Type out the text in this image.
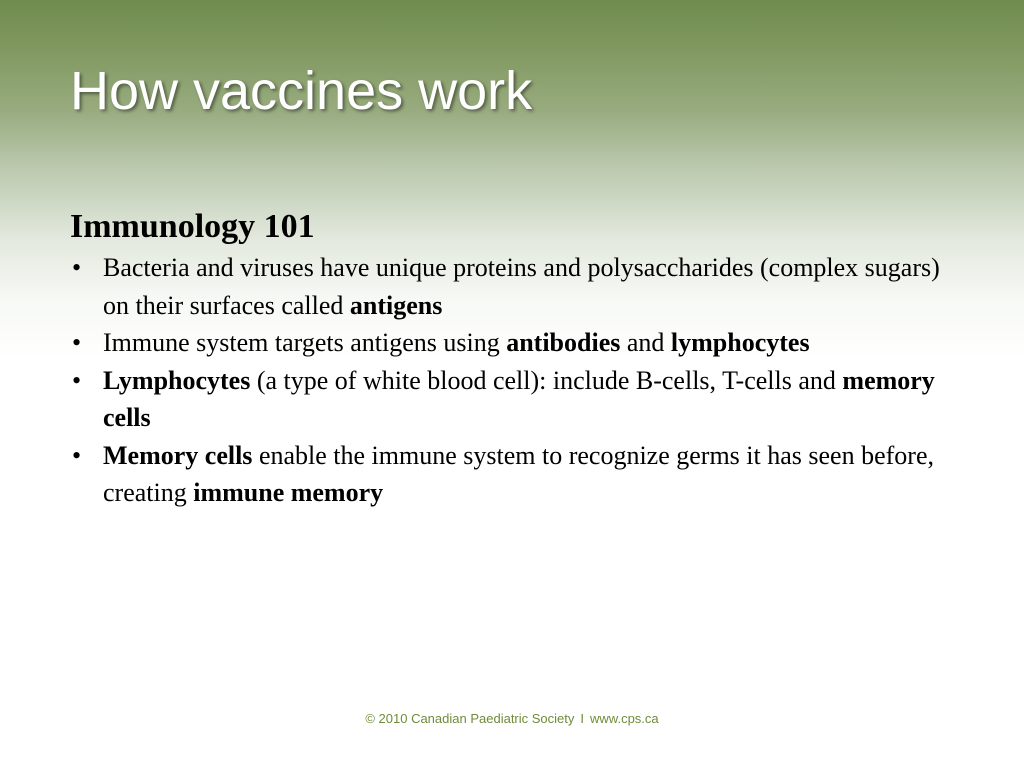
How vaccines work
Immunology 101
• Bacteria and viruses have unique proteins and polysaccharides (complex sugars) on their surfaces called antigens
• Immune system targets antigens using antibodies and lymphocytes
• Lymphocytes (a type of white blood cell): include B-cells, T-cells and memory cells
• Memory cells enable the immune system to recognize germs it has seen before, creating immune memory
© 2010 Canadian Paediatric Society I www.cps.ca
